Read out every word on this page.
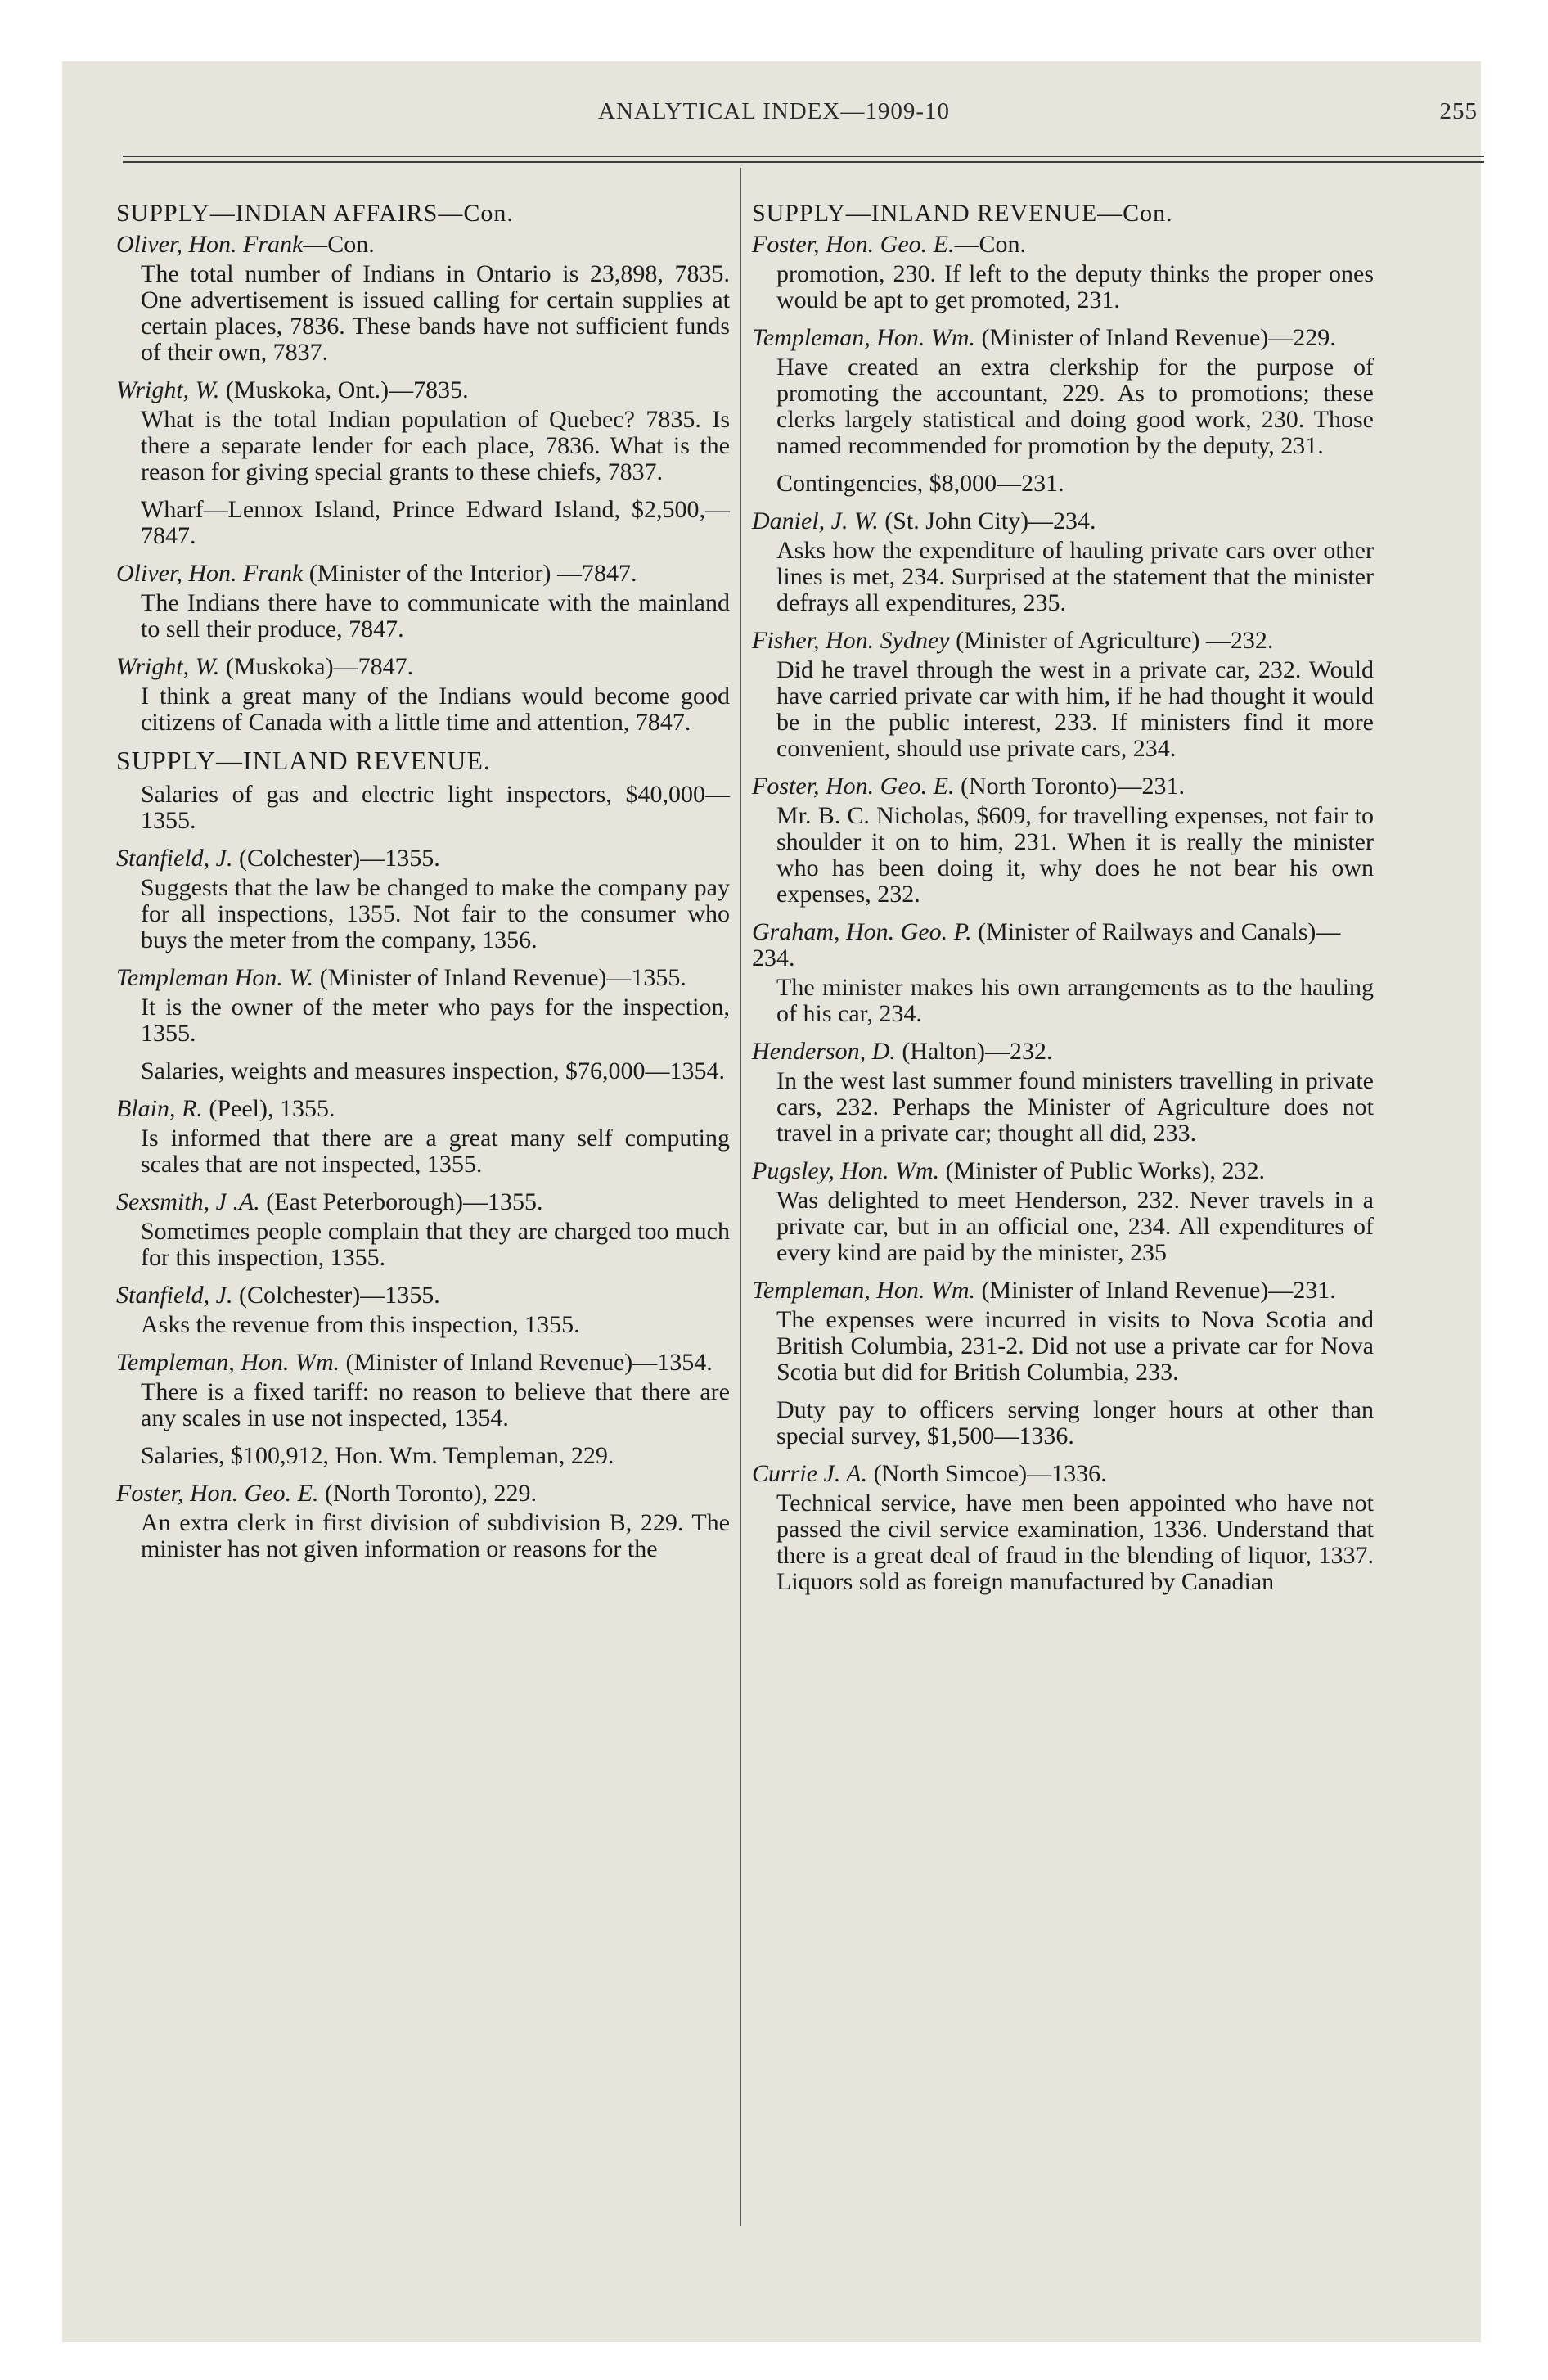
ANALYTICAL INDEX—1909-10	255
SUPPLY—INDIAN AFFAIRS—Con.
Oliver, Hon. Frank—Con.
The total number of Indians in Ontario is 23,898, 7835. One advertisement is issued calling for certain supplies at certain places, 7836. These bands have not sufficient funds of their own, 7837.
Wright, W. (Muskoka, Ont.)—7835.
What is the total Indian population of Quebec? 7835. Is there a separate lender for each place, 7836. What is the reason for giving special grants to these chiefs, 7837.
Wharf—Lennox Island, Prince Edward Island, $2,500,—7847.
Oliver, Hon. Frank (Minister of the Interior) —7847.
The Indians there have to communicate with the mainland to sell their produce, 7847.
Wright, W. (Muskoka)—7847.
I think a great many of the Indians would become good citizens of Canada with a little time and attention, 7847.
SUPPLY—INLAND REVENUE.
Salaries of gas and electric light inspectors, $40,000—1355.
Stanfield, J. (Colchester)—1355.
Suggests that the law be changed to make the company pay for all inspections, 1355. Not fair to the consumer who buys the meter from the company, 1356.
Templeman Hon. W. (Minister of Inland Revenue)—1355.
It is the owner of the meter who pays for the inspection, 1355.
Salaries, weights and measures inspection, $76,000—1354.
Blain, R. (Peel), 1355.
Is informed that there are a great many self computing scales that are not inspected, 1355.
Sexsmith, J .A. (East Peterborough)—1355.
Sometimes people complain that they are charged too much for this inspection, 1355.
Stanfield, J. (Colchester)—1355.
Asks the revenue from this inspection, 1355.
Templeman, Hon. Wm. (Minister of Inland Revenue)—1354.
There is a fixed tariff: no reason to believe that there are any scales in use not inspected, 1354.
Salaries, $100,912, Hon. Wm. Templeman, 229.
Foster, Hon. Geo. E. (North Toronto), 229.
An extra clerk in first division of subdivision B, 229. The minister has not given information or reasons for the
SUPPLY—INLAND REVENUE—Con.
Foster, Hon. Geo. E.—Con.
promotion, 230. If left to the deputy thinks the proper ones would be apt to get promoted, 231.
Templeman, Hon. Wm. (Minister of Inland Revenue)—229.
Have created an extra clerkship for the purpose of promoting the accountant, 229. As to promotions; these clerks largely statistical and doing good work, 230. Those named recommended for promotion by the deputy, 231.
Contingencies, $8,000—231.
Daniel, J. W. (St. John City)—234.
Asks how the expenditure of hauling private cars over other lines is met, 234. Surprised at the statement that the minister defrays all expenditures, 235.
Fisher, Hon. Sydney (Minister of Agriculture) —232.
Did he travel through the west in a private car, 232. Would have carried private car with him, if he had thought it would be in the public interest, 233. If ministers find it more convenient, should use private cars, 234.
Foster, Hon. Geo. E. (North Toronto)—231.
Mr. B. C. Nicholas, $609, for travelling expenses, not fair to shoulder it on to him, 231. When it is really the minister who has been doing it, why does he not bear his own expenses, 232.
Graham, Hon. Geo. P. (Minister of Railways and Canals)—234.
The minister makes his own arrangements as to the hauling of his car, 234.
Henderson, D. (Halton)—232.
In the west last summer found ministers travelling in private cars, 232. Perhaps the Minister of Agriculture does not travel in a private car; thought all did, 233.
Pugsley, Hon. Wm. (Minister of Public Works), 232.
Was delighted to meet Henderson, 232. Never travels in a private car, but in an official one, 234. All expenditures of every kind are paid by the minister, 235
Templeman, Hon. Wm. (Minister of Inland Revenue)—231.
The expenses were incurred in visits to Nova Scotia and British Columbia, 231-2. Did not use a private car for Nova Scotia but did for British Columbia, 233.
Duty pay to officers serving longer hours at other than special survey, $1,500—1336.
Currie J. A. (North Simcoe)—1336.
Technical service, have men been appointed who have not passed the civil service examination, 1336. Understand that there is a great deal of fraud in the blending of liquor, 1337. Liquors sold as foreign manufactured by Canadian
